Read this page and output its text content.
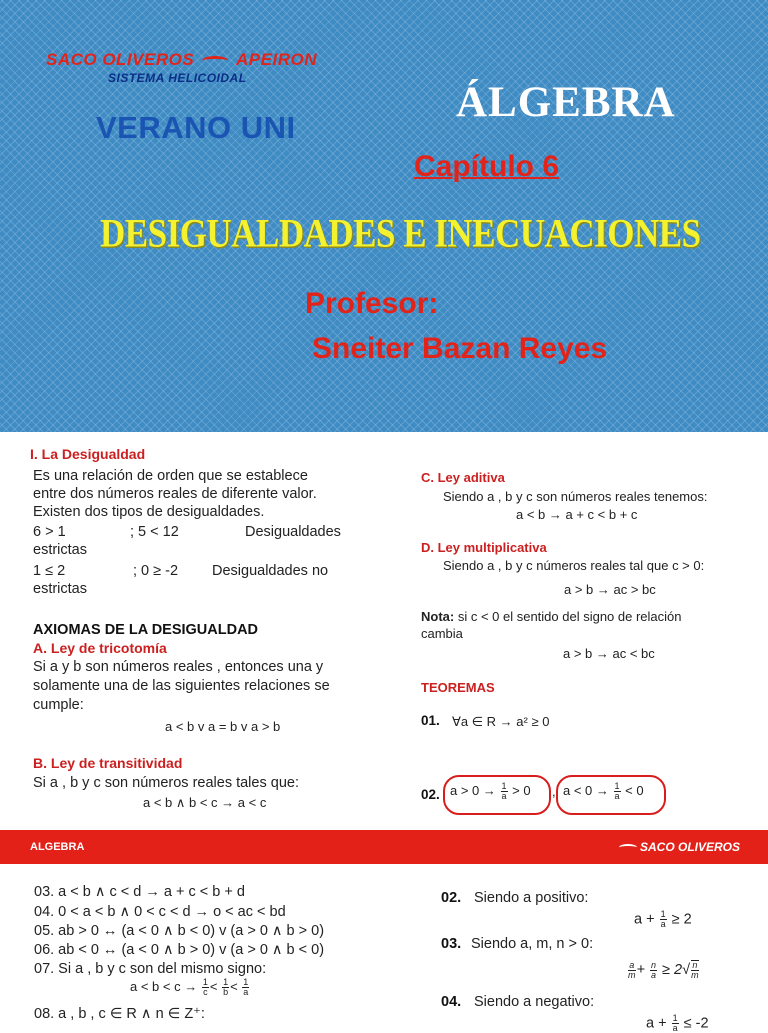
SACO OLIVEROS APEIRON
SISTEMA HELICOIDAL
VERANO UNI
ÁLGEBRA
Capítulo 6
DESIGUALDADES E INECUACIONES
Profesor:
Sneiter Bazan Reyes
I. La Desigualdad
Es una relación de orden que se establece
entre dos números reales de diferente valor.
Existen dos tipos de desigualdades.
6 > 1	; 5 < 12	Desigualdades
estrictas
1 ≤ 2	; 0 ≥ -2 Desigualdades no
estrictas
AXIOMAS DE LA DESIGUALDAD
A. Ley de tricotomía
Si a y b son números reales , entonces una y
solamente una de las siguientes relaciones se
cumple:
a < b v a = b v a > b
B. Ley de transitividad
Si a , b y c son números reales tales que:
a < b ∧ b < c → a < c
C. Ley aditiva
Siendo a , b y c son números reales tenemos:
a < b → a + c < b + c
D. Ley multiplicativa
Siendo a , b y c números reales tal que c > 0:
a > b → ac > bc
Nota: si c < 0 el sentido del signo de relación
cambia
a > b → ac < bc
TEOREMAS
01. ∀a ∈ R → a² ≥ 0
02. $a > 0 \to \frac{1}{a} > 0$ , $a < 0 \to \frac{1}{a} < 0$
ALGEBRA	SACO OLIVEROS
03. a < b ∧ c < d → a + c < b + d
04. 0 < a < b ∧ 0 < c < d → o < ac < bd
05. ab > 0 ↔ (a < 0 ∧ b < 0) v (a > 0 ∧ b > 0)
06. ab < 0 ↔ (a < 0 ∧ b > 0) v (a > 0 ∧ b < 0)
07. Si a , b y c son del mismo signo:
$a < b < c \to \frac{1}{c} < \frac{1}{b} < \frac{1}{a}$
08. a , b , c ∈ R ∧ n ∈ Z⁺:
02. Siendo a positivo:
$a + \frac{1}{a} \ge 2$
03. Siendo a, m, n > 0:
$\frac{a}{m} + \frac{n}{a} \ge 2√ \frac{n}{m}$
04. Siendo a negativo:
$a + \frac{1}{a} \le -2$
